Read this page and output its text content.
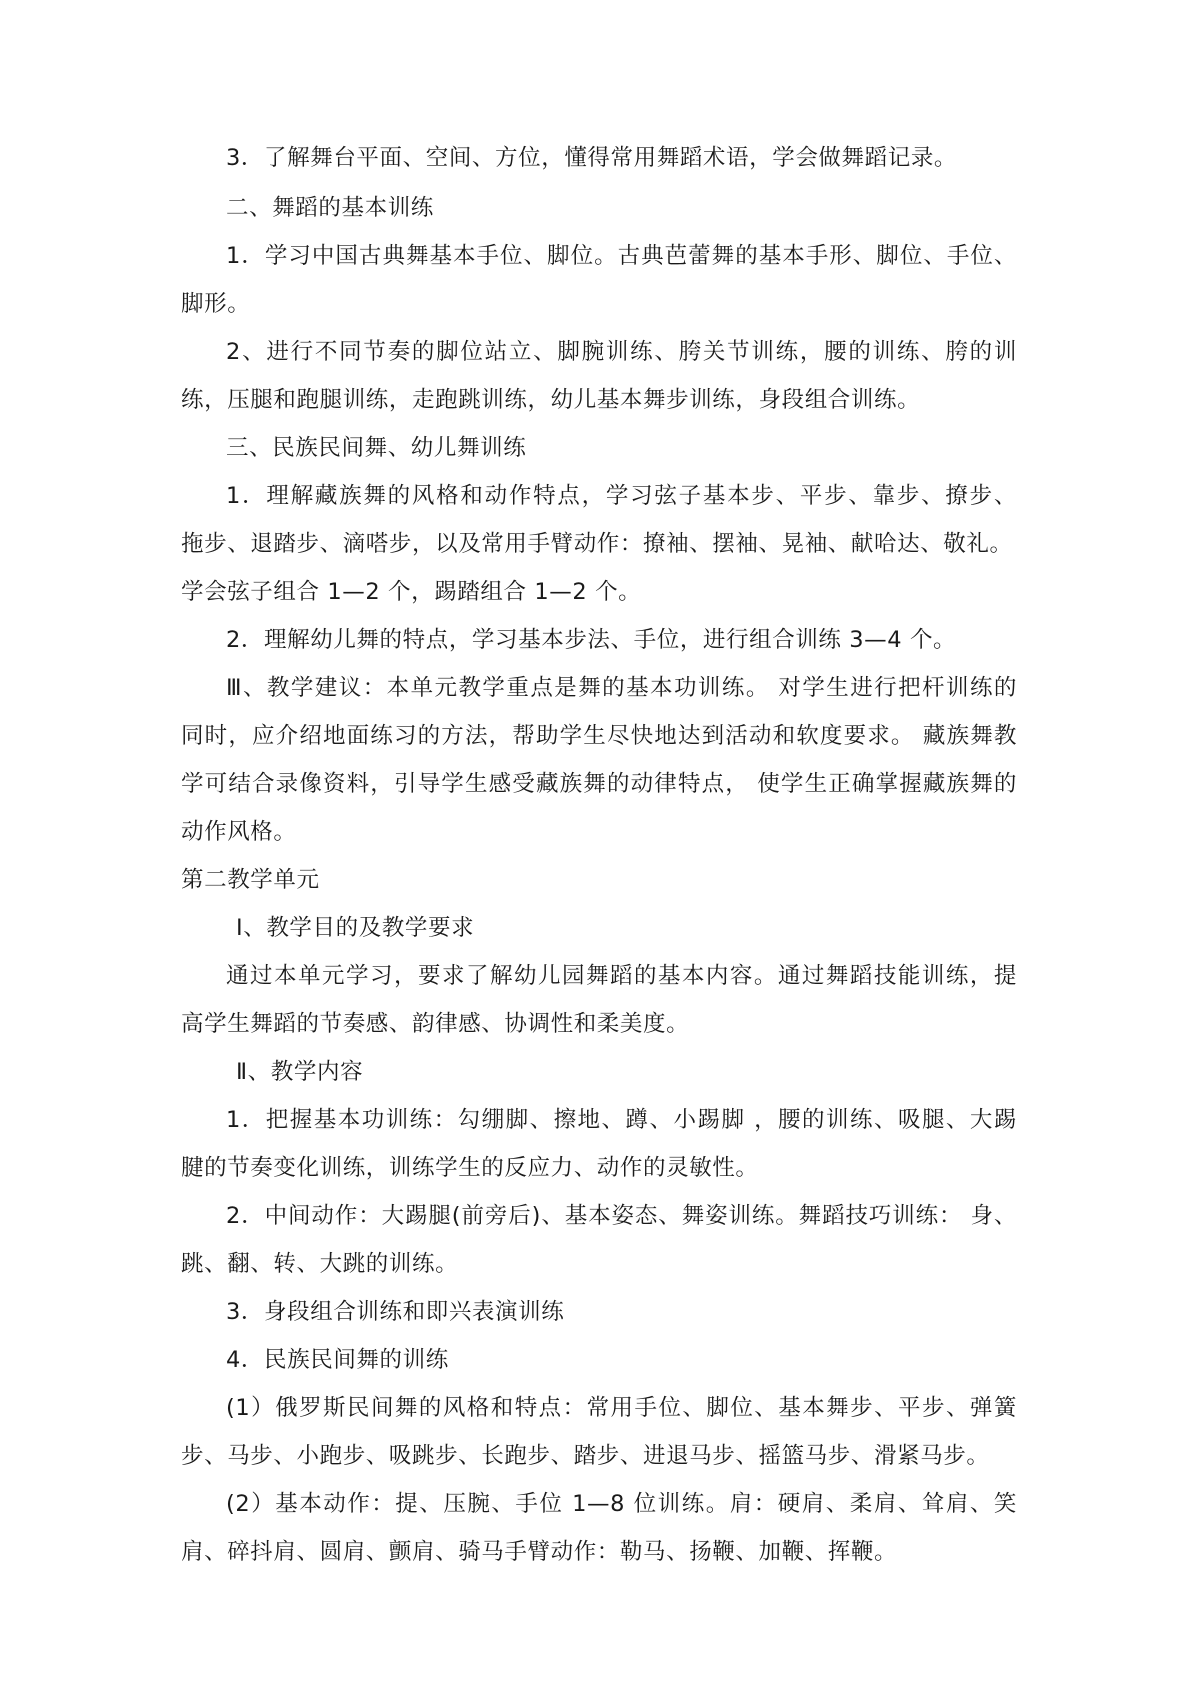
3．了解舞台平面、空间、方位，懂得常用舞蹈术语，学会做舞蹈记录。
二、舞蹈的基本训练
1．学习中国古典舞基本手位、脚位。古典芭蕾舞的基本手形、脚位、手位、
脚形。
2、进行不同节奏的脚位站立、脚腕训练、胯关节训练，腰的训练、胯的训
练，压腿和跑腿训练，走跑跳训练，幼儿基本舞步训练，身段组合训练。
三、民族民间舞、幼儿舞训练
1．理解藏族舞的风格和动作特点，学习弦子基本步、平步、靠步、撩步、
拖步、退踏步、滴嗒步，以及常用手臂动作：撩袖、摆袖、晃袖、献哈达、敬礼。
学会弦子组合 1—2 个，踢踏组合 1—2 个。
2．理解幼儿舞的特点，学习基本步法、手位，进行组合训练 3—4 个。
Ⅲ、教学建议：本单元教学重点是舞的基本功训练。 对学生进行把杆训练的
同时，应介绍地面练习的方法，帮助学生尽快地达到活动和软度要求。 藏族舞教
学可结合录像资料，引导学生感受藏族舞的动律特点， 使学生正确掌握藏族舞的
动作风格。
第二教学单元
Ⅰ、教学目的及教学要求
通过本单元学习，要求了解幼儿园舞蹈的基本内容。通过舞蹈技能训练，提
高学生舞蹈的节奏感、韵律感、协调性和柔美度。
Ⅱ、教学内容
1．把握基本功训练：勾绷脚、擦地、蹲、小踢脚 ，腰的训练、吸腿、大踢
腱的节奏变化训练，训练学生的反应力、动作的灵敏性。
2．中间动作：大踢腿(前旁后)、基本姿态、舞姿训练。舞蹈技巧训练： 身、
跳、翻、转、大跳的训练。
3．身段组合训练和即兴表演训练
4．民族民间舞的训练
(1）俄罗斯民间舞的风格和特点：常用手位、脚位、基本舞步、平步、弹簧
步、马步、小跑步、吸跳步、长跑步、踏步、进退马步、摇篮马步、滑紧马步。
(2）基本动作：提、压腕、手位 1—8 位训练。肩：硬肩、柔肩、耸肩、笑
肩、碎抖肩、圆肩、颤肩、骑马手臂动作：勒马、扬鞭、加鞭、挥鞭。
